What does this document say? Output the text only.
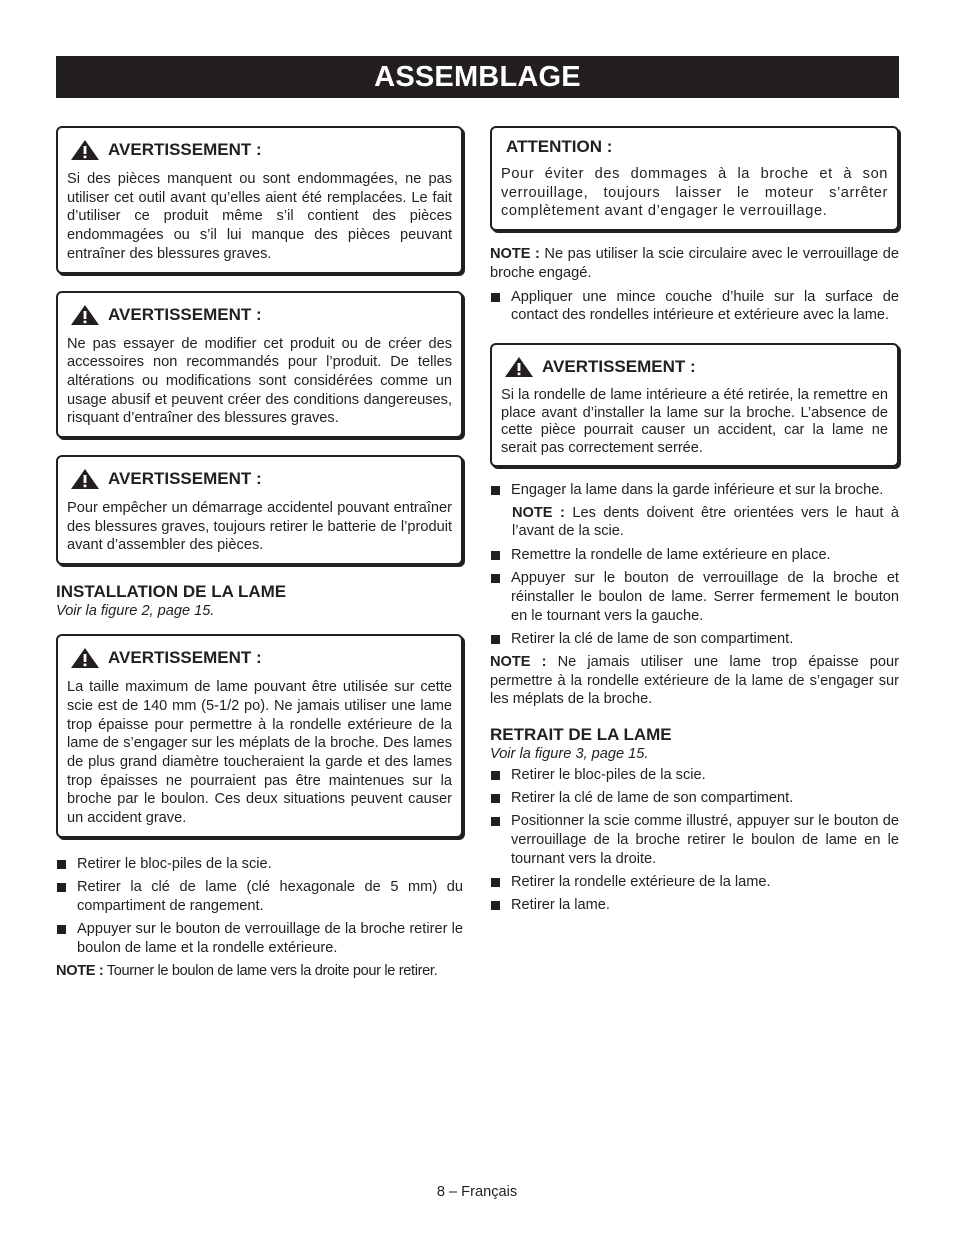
ASSEMBLAGE
AVERTISSEMENT :
Si des pièces manquent ou sont endommagées, ne pas utiliser cet outil avant qu’elles aient été remplacées. Le fait d’utiliser ce produit même s’il contient des pièces endommagées ou s’il lui manque des pièces peuvant entraîner des blessures graves.
AVERTISSEMENT :
Ne pas essayer de modifier cet produit ou de créer des accessoires non recommandés pour l’produit. De telles altérations ou modifications sont considérées comme un usage abusif et peuvent créer des conditions dangereuses, risquant d’entraîner des blessures graves.
AVERTISSEMENT :
Pour empêcher un démarrage accidentel pouvant entraîner des blessures graves, toujours retirer le batterie de l’produit avant d’assembler des pièces.
INSTALLATION DE LA LAME
Voir la figure 2, page 15.
AVERTISSEMENT :
La taille maximum de lame pouvant être utilisée sur cette scie est de 140 mm (5-1/2 po). Ne jamais utiliser une lame trop épaisse pour permettre à la rondelle extérieure de la lame de s’engager sur les méplats de la broche. Des lames de plus grand diamètre toucheraient la garde et des lames trop épaisses ne pourraient pas être maintenues sur la broche par le boulon. Ces deux situations peuvent causer un accident grave.
Retirer le bloc-piles de la scie.
Retirer la clé de lame (clé hexagonale de 5 mm) du compartiment de rangement.
Appuyer sur le bouton de verrouillage de la broche retirer le boulon de lame et la rondelle extérieure.
NOTE : Tourner le boulon de lame vers la droite pour le retirer.
ATTENTION :
Pour éviter des dommages à la broche et à son verrouillage, toujours laisser le moteur s’arrêter complètement avant d’engager le verrouillage.
NOTE : Ne pas utiliser la scie circulaire avec le verrouillage de broche engagé.
Appliquer une mince couche d’huile sur la surface de contact des rondelles intérieure et extérieure avec la lame.
AVERTISSEMENT :
Si la rondelle de lame intérieure a été retirée, la remettre en place avant d’installer la lame sur la broche. L’absence de cette pièce pourrait causer un accident, car la lame ne serait pas correctement serrée.
Engager la lame dans la garde inférieure et sur la broche.
NOTE : Les dents doivent être orientées vers le haut à l’avant de la scie.
Remettre la rondelle de lame extérieure en place.
Appuyer sur le bouton de verrouillage de la broche et réinstaller le boulon de lame. Serrer fermement le bouton en le tournant vers la gauche.
Retirer la clé de lame de son compartiment.
NOTE : Ne jamais utiliser une lame trop épaisse pour permettre à la rondelle extérieure de la lame de s’engager sur les méplats de la broche.
RETRAIT DE LA LAME
Voir la figure 3, page 15.
Retirer le bloc-piles de la scie.
Retirer la clé de lame de son compartiment.
Positionner la scie comme illustré, appuyer sur le bouton de verrouillage de la broche retirer le boulon de lame en le tournant vers la droite.
Retirer la rondelle extérieure de la lame.
Retirer la lame.
8 – Français
